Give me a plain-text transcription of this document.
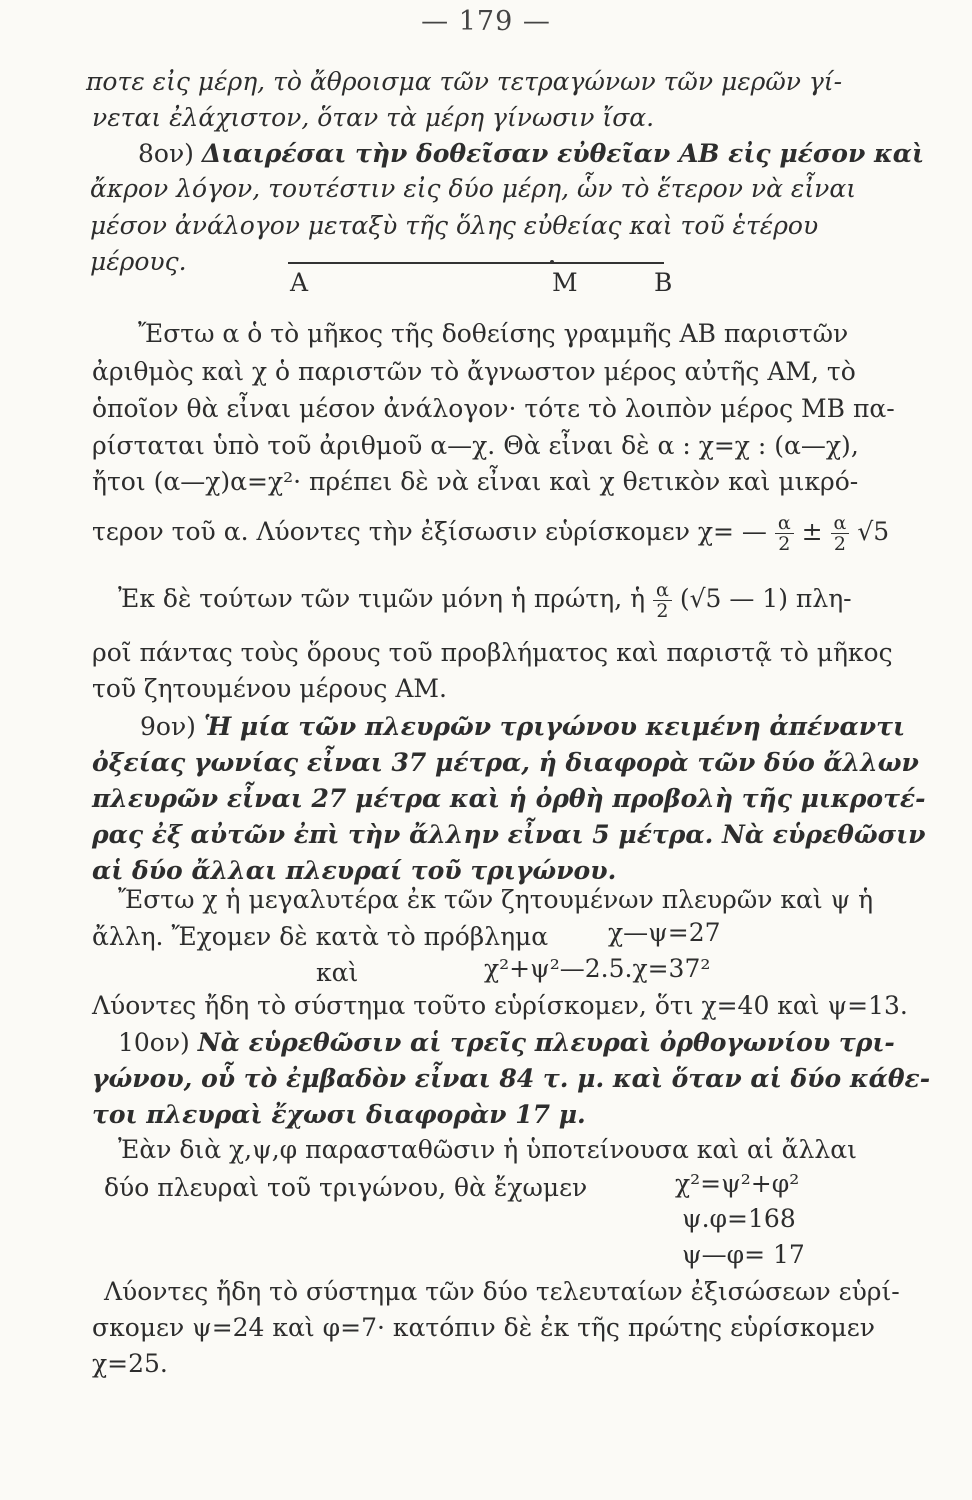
— 179 —
ποτε εἰς μέρη, τὸ ἄθροισμα τῶν τετραγώνων τῶν μερῶν γί-
νεται ἐλάχιστον, ὅταν τὰ μέρη γίνωσιν ἴσα.
8ον) Διαιρέσαι τὴν δοθεῖσαν εὐθεῖαν ΑΒ εἰς μέσον καὶ
ἄκρον λόγον, τουτέστιν εἰς δύο μέρη, ὧν τὸ ἕτερον νὰ εἶναι
μέσον ἀνάλογον μεταξὺ τῆς ὅλης εὐθείας καὶ τοῦ ἑτέρου
μέρους.
Α	Μ	Β
Ἔστω α ὁ τὸ μῆκος τῆς δοθείσης γραμμῆς ΑΒ παριστῶν
ἀριθμὸς καὶ χ ὁ παριστῶν τὸ ἄγνωστον μέρος αὐτῆς ΑΜ, τὸ
ὁποῖον θὰ εἶναι μέσον ἀνάλογον· τότε τὸ λοιπὸν μέρος ΜΒ πα-
ρίσταται ὑπὸ τοῦ ἀριθμοῦ α—χ. Θὰ εἶναι δὲ α : χ=χ : (α—χ),
ἤτοι (α—χ)α=χ²· πρέπει δὲ νὰ εἶναι καὶ χ θετικὸν καὶ μικρό-
τερον τοῦ α. Λύοντες τὴν ἐξίσωσιν εὑρίσκομεν χ= — $\frac{\alpha}{2} \pm \frac{\alpha}{2} √5$
Ἐκ δὲ τούτων τῶν τιμῶν μόνη ἡ πρώτη, ἡ $\frac{\alpha}{2} (√5$ — 1) πλη-
ροῖ πάντας τοὺς ὅρους τοῦ προβλήματος καὶ παριστᾷ τὸ μῆκος
τοῦ ζητουμένου μέρους ΑΜ.
9ον) Ἡ μία τῶν πλευρῶν τριγώνου κειμένη ἀπέναντι
ὀξείας γωνίας εἶναι 37 μέτρα, ἡ διαφορὰ τῶν δύο ἄλλων
πλευρῶν εἶναι 27 μέτρα καὶ ἡ ὀρθὴ προβολὴ τῆς μικροτέ-
ρας ἐξ αὐτῶν ἐπὶ τὴν ἄλλην εἶναι 5 μέτρα. Νὰ εὑρεθῶσιν
αἱ δύο ἄλλαι πλευραί τοῦ τριγώνου.
Ἔστω χ ἡ μεγαλυτέρα ἐκ τῶν ζητουμένων πλευρῶν καὶ ψ ἡ
ἄλλη. Ἔχομεν δὲ κατὰ τὸ πρόβλημα χ—ψ=27
καὶ	χ²+ψ²—2.5.χ=37²
Λύοντες ἤδη τὸ σύστημα τοῦτο εὑρίσκομεν, ὅτι χ=40 καὶ ψ=13.
10ον) Νὰ εὑρεθῶσιν αἱ τρεῖς πλευραὶ ὀρθογωνίου τρι-
γώνου, οὗ τὸ ἐμβαδὸν εἶναι 84 τ. μ. καὶ ὅταν αἱ δύο κάθε-
τοι πλευραὶ ἔχωσι διαφορὰν 17 μ.
Ἐὰν διὰ χ,ψ,φ παρασταθῶσιν ἡ ὑποτείνουσα καὶ αἱ ἄλλαι
δύο πλευραὶ τοῦ τριγώνου, θὰ ἔχωμεν	χ²=ψ²+φ²
ψ.φ=168
ψ—φ= 17
Λύοντες ἤδη τὸ σύστημα τῶν δύο τελευταίων ἐξισώσεων εὑρί-
σκομεν ψ=24 καὶ φ=7· κατόπιν δὲ ἐκ τῆς πρώτης εὑρίσκομεν
χ=25.
